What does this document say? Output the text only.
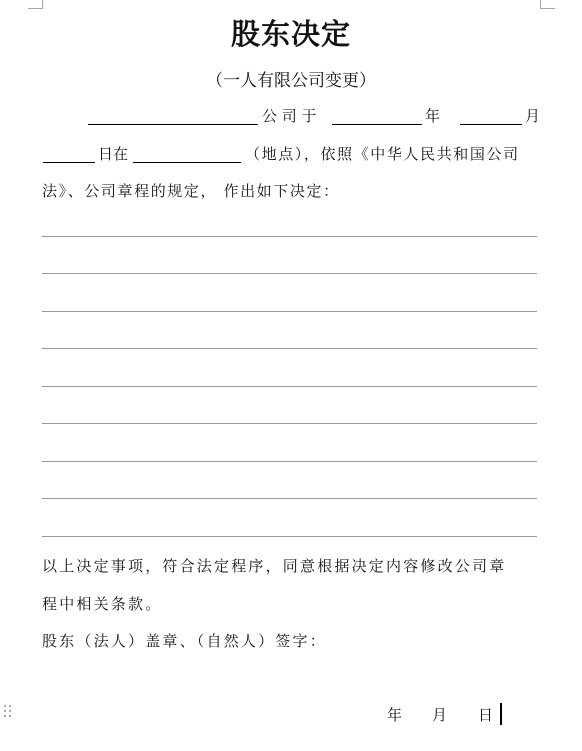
股东决定

（一人有限公司变更）

公 司 于	年	月
日在	（地点），依照《中华人民共和国公司
法》、公司章程的规定， 作出如下决定：
以上决定事项，符合法定程序，同意根据决定内容修改公司章
程中相关条款。
股东（法人）盖章、（自然人）签字：
年 月 日
